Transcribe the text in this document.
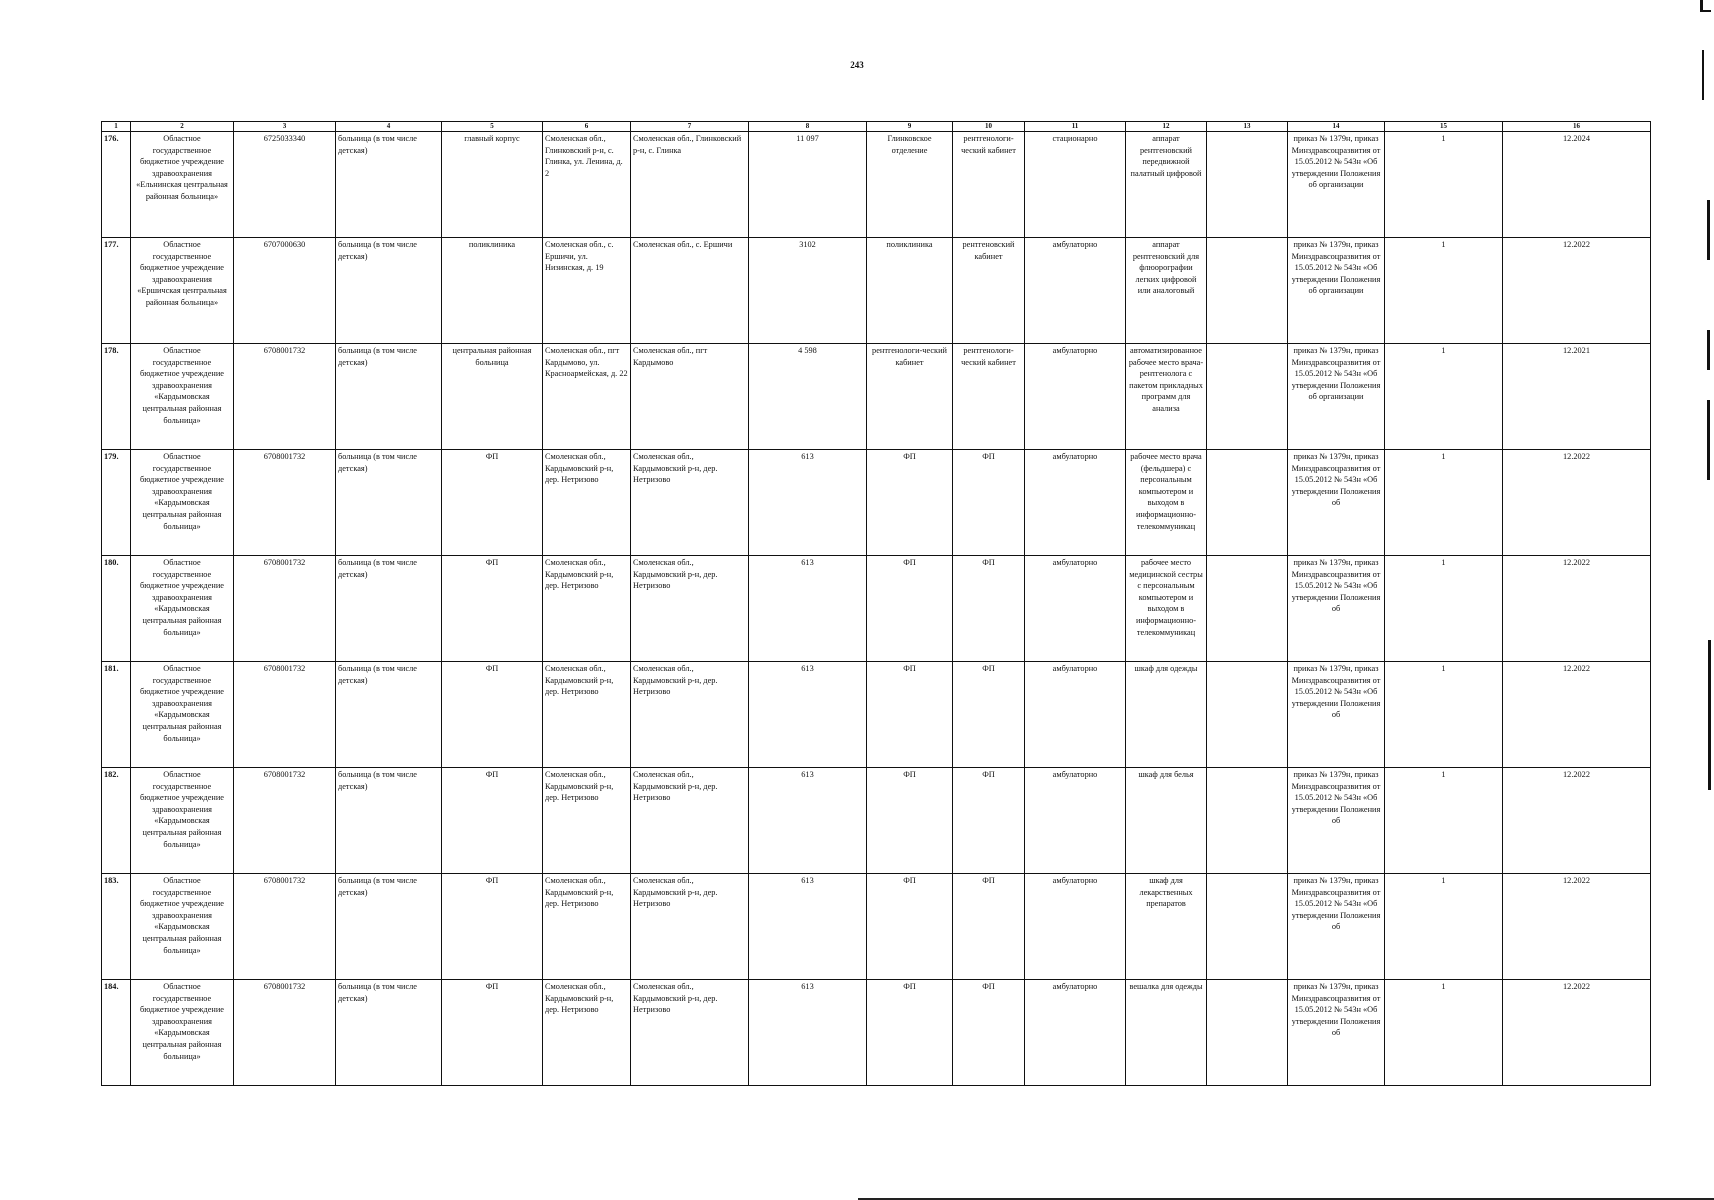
243
1	2	3	4	5	6	7	8	9	10	11	12	13	14	15	16
176.	Областное государственное бюджетное учреждение здравоохранения «Ельнинская центральная районная больница»	6725033340	больница (в том числе детская)	главный корпус	Смоленская обл., Глинковский р-н, с. Глинка, ул. Ленина, д. 2	Смоленская обл., Глинковский р-н, с. Глинка	11 097	Глинковское отделение	рентгенологи-ческий кабинет	стационарно	аппарат рентгеновский передвижной палатный цифровой		приказ № 1379н, приказ Минздравсоцразвития от 15.05.2012 № 543н «Об утверждении Положения об организации	1	12.2024
177.	Областное государственное бюджетное учреждение здравоохранения «Ершичская центральная районная больница»	6707000630	больница (в том числе детская)	поликлиника	Смоленская обл., с. Ершичи, ул. Низинская, д. 19	Смоленская обл., с. Ершичи	3102	поликлиника	рентгеновский кабинет	амбулаторно	аппарат рентгеновский для флюорографии легких цифровой или аналоговый		приказ № 1379н, приказ Минздравсоцразвития от 15.05.2012 № 543н «Об утверждении Положения об организации	1	12.2022
178.	Областное государственное бюджетное учреждение здравоохранения «Кардымовская центральная районная больница»	6708001732	больница (в том числе детская)	центральная районная больница	Смоленская обл., пгт Кардымово, ул. Красноармейская, д. 22	Смоленская обл., пгт Кардымово	4 598	рентгенологи-ческий кабинет	рентгенологи-ческий кабинет	амбулаторно	автоматизированное рабочее место врача-рентгенолога с пакетом прикладных программ для анализа		приказ № 1379н, приказ Минздравсоцразвития от 15.05.2012 № 543н «Об утверждении Положения об организации	1	12.2021
179.	Областное государственное бюджетное учреждение здравоохранения «Кардымовская центральная районная больница»	6708001732	больница (в том числе детская)	ФП	Смоленская обл., Кардымовский р-н, дер. Нетризово	Смоленская обл., Кардымовский р-н, дер. Нетризово	613	ФП	ФП	амбулаторно	рабочее место врача (фельдшера) с персональным компьютером и выходом в информационно-телекоммуникац		приказ № 1379н, приказ Минздравсоцразвития от 15.05.2012 № 543н «Об утверждении Положения об	1	12.2022
180.	Областное государственное бюджетное учреждение здравоохранения «Кардымовская центральная районная больница»	6708001732	больница (в том числе детская)	ФП	Смоленская обл., Кардымовский р-н, дер. Нетризово	Смоленская обл., Кардымовский р-н, дер. Нетризово	613	ФП	ФП	амбулаторно	рабочее место медицинской сестры с персональным компьютером и выходом в информационно-телекоммуникац		приказ № 1379н, приказ Минздравсоцразвития от 15.05.2012 № 543н «Об утверждении Положения об	1	12.2022
181.	Областное государственное бюджетное учреждение здравоохранения «Кардымовская центральная районная больница»	6708001732	больница (в том числе детская)	ФП	Смоленская обл., Кардымовский р-н, дер. Нетризово	Смоленская обл., Кардымовский р-н, дер. Нетризово	613	ФП	ФП	амбулаторно	шкаф для одежды		приказ № 1379н, приказ Минздравсоцразвития от 15.05.2012 № 543н «Об утверждении Положения об	1	12.2022
182.	Областное государственное бюджетное учреждение здравоохранения «Кардымовская центральная районная больница»	6708001732	больница (в том числе детская)	ФП	Смоленская обл., Кардымовский р-н, дер. Нетризово	Смоленская обл., Кардымовский р-н, дер. Нетризово	613	ФП	ФП	амбулаторно	шкаф для белья		приказ № 1379н, приказ Минздравсоцразвития от 15.05.2012 № 543н «Об утверждении Положения об	1	12.2022
183.	Областное государственное бюджетное учреждение здравоохранения «Кардымовская центральная районная больница»	6708001732	больница (в том числе детская)	ФП	Смоленская обл., Кардымовский р-н, дер. Нетризово	Смоленская обл., Кардымовский р-н, дер. Нетризово	613	ФП	ФП	амбулаторно	шкаф для лекарственных препаратов		приказ № 1379н, приказ Минздравсоцразвития от 15.05.2012 № 543н «Об утверждении Положения об	1	12.2022
184.	Областное государственное бюджетное учреждение здравоохранения «Кардымовская центральная районная больница»	6708001732	больница (в том числе детская)	ФП	Смоленская обл., Кардымовский р-н, дер. Нетризово	Смоленская обл., Кардымовский р-н, дер. Нетризово	613	ФП	ФП	амбулаторно	вешалка для одежды		приказ № 1379н, приказ Минздравсоцразвития от 15.05.2012 № 543н «Об утверждении Положения об	1	12.2022
